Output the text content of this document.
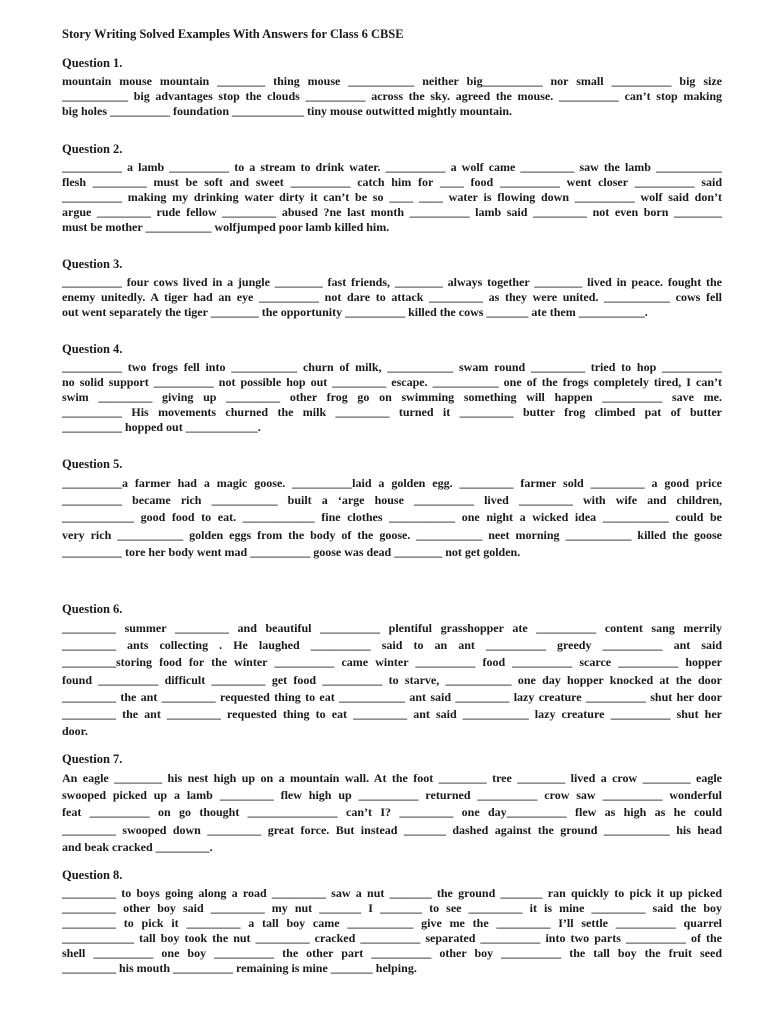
Story Writing Solved Examples With Answers for Class 6 CBSE
Question 1.
mountain mouse mountain ________ thing mouse ___________ neither big__________ nor small __________ big size
___________ big advantages stop the clouds __________ across the sky. agreed the mouse. __________ can’t stop making
big holes __________ foundation ____________ tiny mouse outwitted mightly mountain.
Question 2.
__________ a lamb __________ to a stream to drink water. __________ a wolf came _________ saw the lamb ___________
flesh _________ must be soft and sweet __________ catch him for ____ food __________ went closer __________ said
__________ making my drinking water dirty it can’t be so ____ ____ water is flowing down __________ wolf said don’t
argue _________ rude fellow _________ abused ?ne last month __________ lamb said _________ not even born ________
must be mother ___________ wolfjumped poor lamb killed him.
Question 3.
__________ four cows lived in a jungle ________ fast friends, ________ always together ________ lived in peace. fought the
enemy unitedly. A tiger had an eye __________ not dare to attack _________ as they were united. ___________ cows fell
out went separately the tiger ________ the opportunity __________ killed the cows _______ ate them ___________.
Question 4.
__________ two frogs fell into ___________ churn of milk, ___________ swam round _________ tried to hop __________
no solid support __________ not possible hop out _________ escape. ___________ one of the frogs completely tired, I can’t
swim _________ giving up _________ other frog go on swimming something will happen __________ save me.
__________ His movements churned the milk _________ turned it _________ butter frog climbed pat of butter
__________ hopped out ____________.
Question 5.
__________a farmer had a magic goose. __________laid a golden egg. _________ farmer sold _________ a good price
__________ became rich ___________ built a ‘arge house __________ lived _________ with wife and children,
____________ good food to eat. ____________ fine clothes ___________ one night a wicked idea ___________ could be
very rich ___________ golden eggs from the body of the goose. ___________ neet morning ___________ killed the goose
__________ tore her body went mad __________ goose was dead ________ not get golden.
Question 6.
_________ summer _________ and beautiful __________ plentiful grasshopper ate __________ content sang merrily
_________ ants collecting . He laughed __________ said to an ant __________ greedy __________ ant said
_________storing food for the winter __________ came winter __________ food __________ scarce __________ hopper
found __________ difficult _________ get food __________ to starve, ___________ one day hopper knocked at the door
_________ the ant _________ requested thing to eat ___________ ant said _________ lazy creature __________ shut her door
_________ the ant _________ requested thing to eat _________ ant said ___________ lazy creature __________ shut her
door.
Question 7.
An eagle ________ his nest high up on a mountain wall. At the foot ________ tree ________ lived a crow ________ eagle
swooped picked up a lamb _________ flew high up __________ returned __________ crow saw __________ wonderful
feat __________ on go thought _______________ can’t I? _________ one day__________ flew as high as he could
_________ swooped down _________ great force. But instead _______ dashed against the ground ___________ his head
and beak cracked _________.
Question 8.
_________ to boys going along a road _________ saw a nut _______ the ground _______ ran quickly to pick it up picked
_________ other boy said _________ my nut _______ I _______ to see _________ it is mine _________ said the boy
_________ to pick it _________ a tall boy came ___________ give me the _________ I’ll settle __________ quarrel
____________ tall boy took the nut _________ cracked __________ separated __________ into two parts __________ of the
shell __________ one boy __________ the other part __________ other boy __________ the tall boy the fruit seed
_________ his mouth __________ remaining is mine _______ helping.
